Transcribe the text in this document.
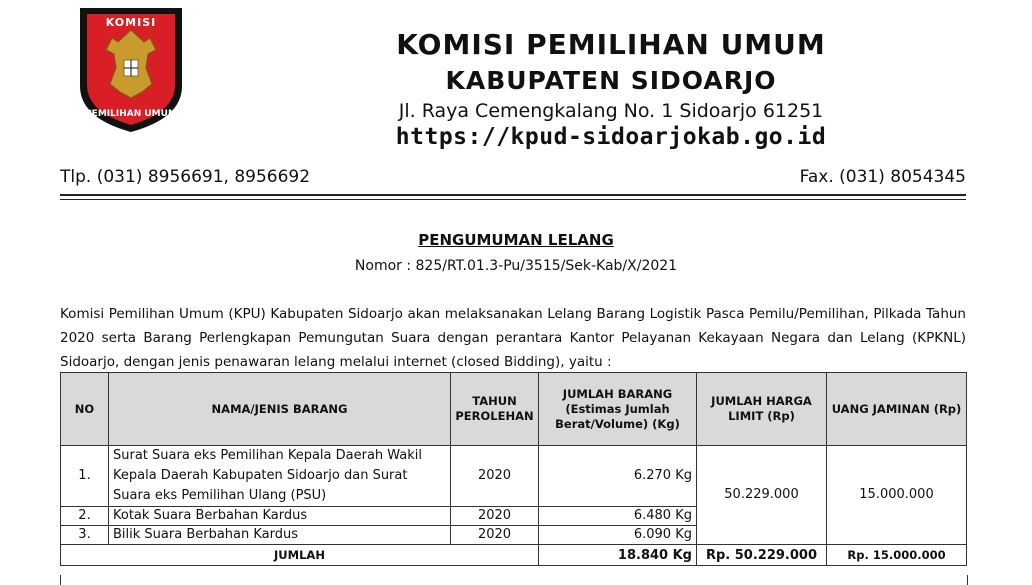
KOMISI
PEMILIHAN UMUM
KOMISI PEMILIHAN UMUM
KABUPATEN SIDOARJO
Jl. Raya Cemengkalang No. 1 Sidoarjo 61251
https://kpud-sidoarjokab.go.id
Tlp. (031) 8956691, 8956692	Fax. (031) 8054345
PENGUMUMAN LELANG
Nomor : 825/RT.01.3-Pu/3515/Sek-Kab/X/2021
Komisi Pemilihan Umum (KPU) Kabupaten Sidoarjo akan melaksanakan Lelang Barang Logistik Pasca Pemilu/Pemilihan, Pilkada Tahun 2020 serta Barang Perlengkapan Pemungutan Suara dengan perantara Kantor Pelayanan Kekayaan Negara dan Lelang (KPKNL) Sidoarjo, dengan jenis penawaran lelang melalui internet (closed Bidding), yaitu :
NO	NAMA/JENIS BARANG	TAHUN PEROLEHAN	JUMLAH BARANG (Estimas Jumlah Berat/Volume) (Kg)	JUMLAH HARGA LIMIT (Rp)	UANG JAMINAN (Rp)
1.	Surat Suara eks Pemilihan Kepala Daerah Wakil Kepala Daerah Kabupaten Sidoarjo dan Surat Suara eks Pemilihan Ulang (PSU)	2020	6.270 Kg	50.229.000	15.000.000
2.	Kotak Suara Berbahan Kardus	2020	6.480 Kg		
3.	Bilik Suara Berbahan Kardus	2020	6.090 Kg		
JUMLAH			18.840 Kg	Rp. 50.229.000	Rp. 15.000.000
